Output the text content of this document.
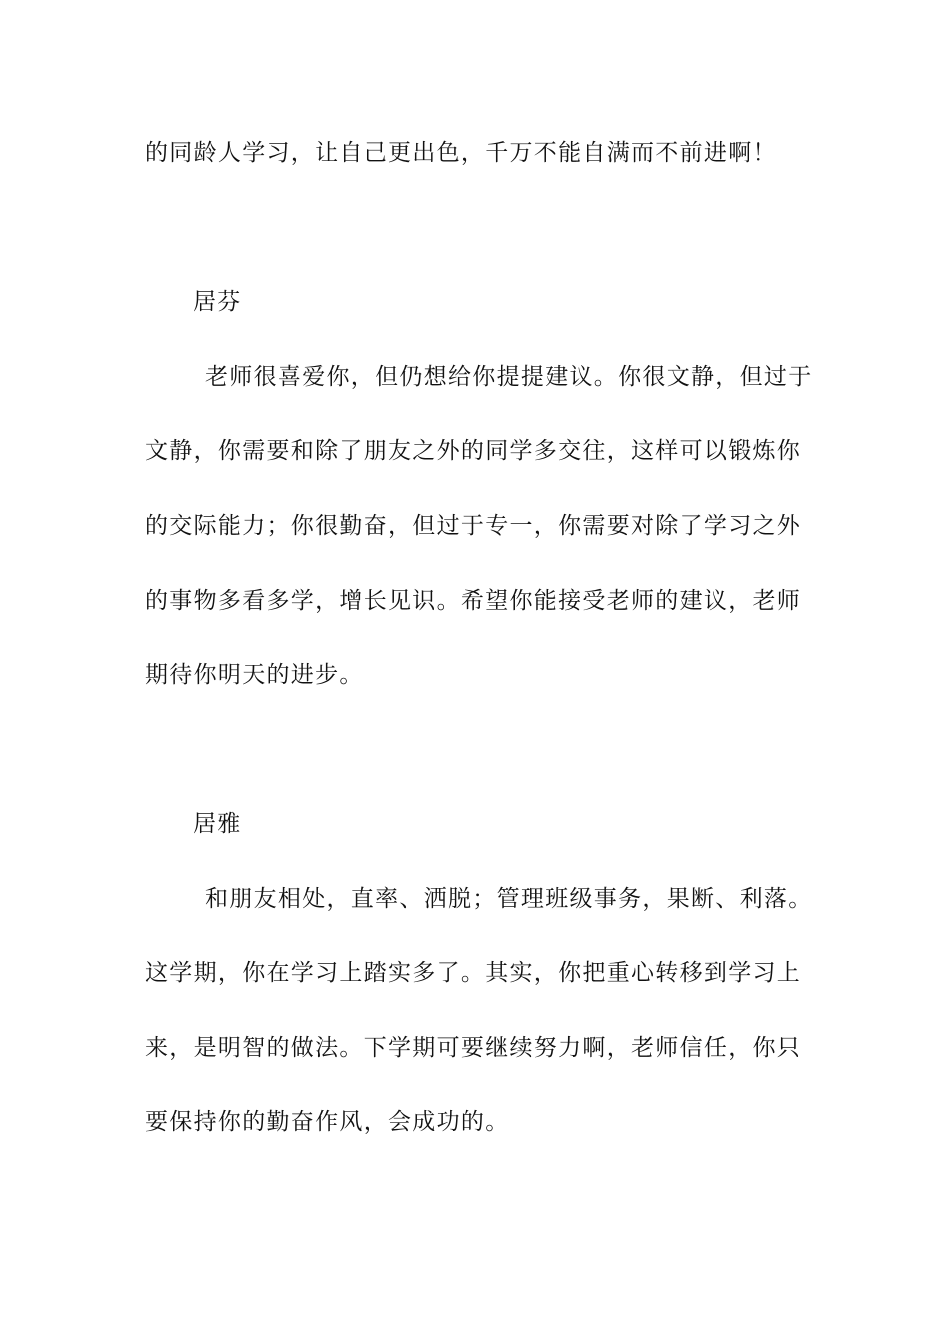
的同龄人学习，让自己更出色，千万不能自满而不前进啊！
居芬
老师很喜爱你，但仍想给你提提建议。你很文静，但过于
文静，你需要和除了朋友之外的同学多交往，这样可以锻炼你
的交际能力；你很勤奋，但过于专一，你需要对除了学习之外
的事物多看多学，增长见识。希望你能接受老师的建议，老师
期待你明天的进步。
居雅
和朋友相处，直率、洒脱；管理班级事务，果断、利落。
这学期，你在学习上踏实多了。其实，你把重心转移到学习上
来，是明智的做法。下学期可要继续努力啊，老师信任，你只
要保持你的勤奋作风，会成功的。
